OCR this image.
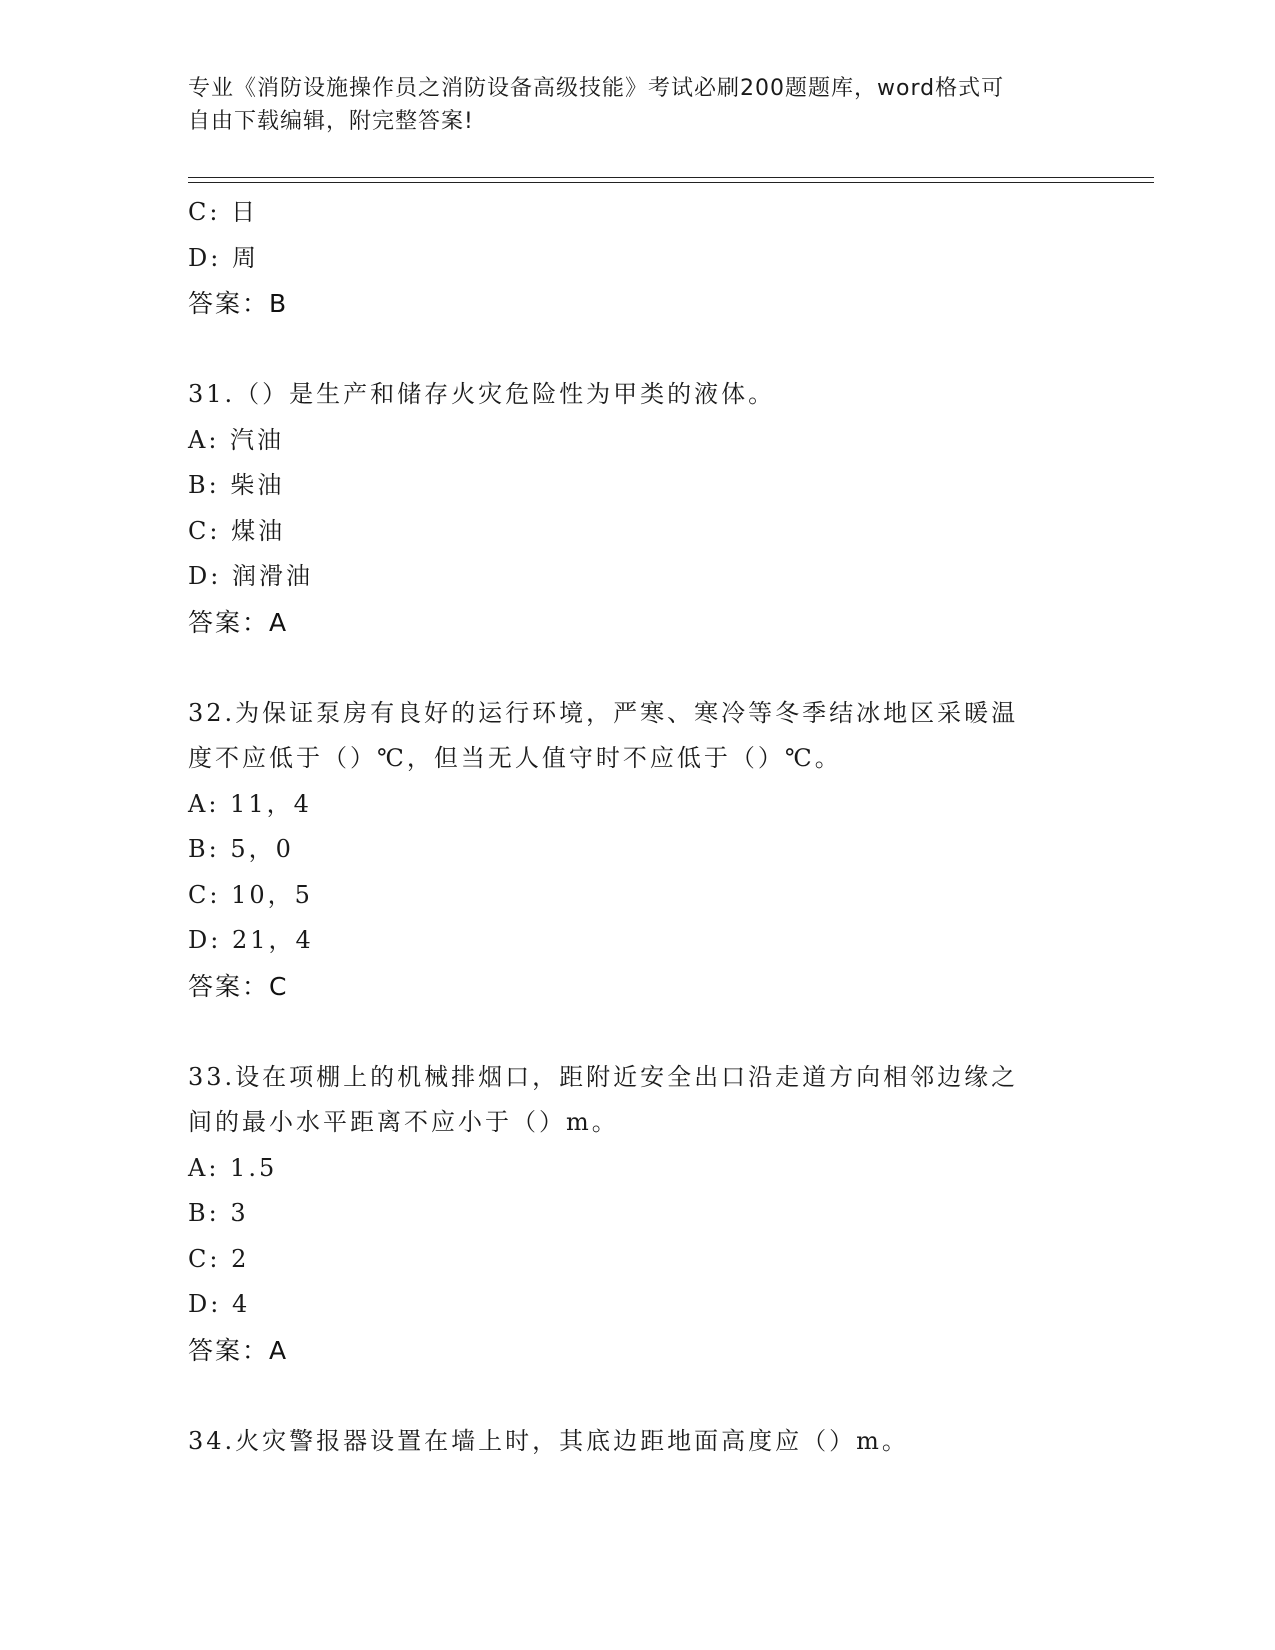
专业《消防设施操作员之消防设备高级技能》考试必刷200题题库，word格式可
自由下载编辑，附完整答案!
C: 日
D: 周
答案：B
31.（）是生产和储存火灾危险性为甲类的液体。
A: 汽油
B: 柴油
C: 煤油
D: 润滑油
答案：A
32.为保证泵房有良好的运行环境，严寒、寒冷等冬季结冰地区采暖温
度不应低于（）℃，但当无人值守时不应低于（）℃。
A: 11，4
B: 5，0
C: 10，5
D: 21，4
答案：C
33.设在项棚上的机械排烟口，距附近安全出口沿走道方向相邻边缘之
间的最小水平距离不应小于（）m。
A: 1.5
B: 3
C: 2
D: 4
答案：A
34.火灾警报器设置在墙上时，其底边距地面高度应（）m。
